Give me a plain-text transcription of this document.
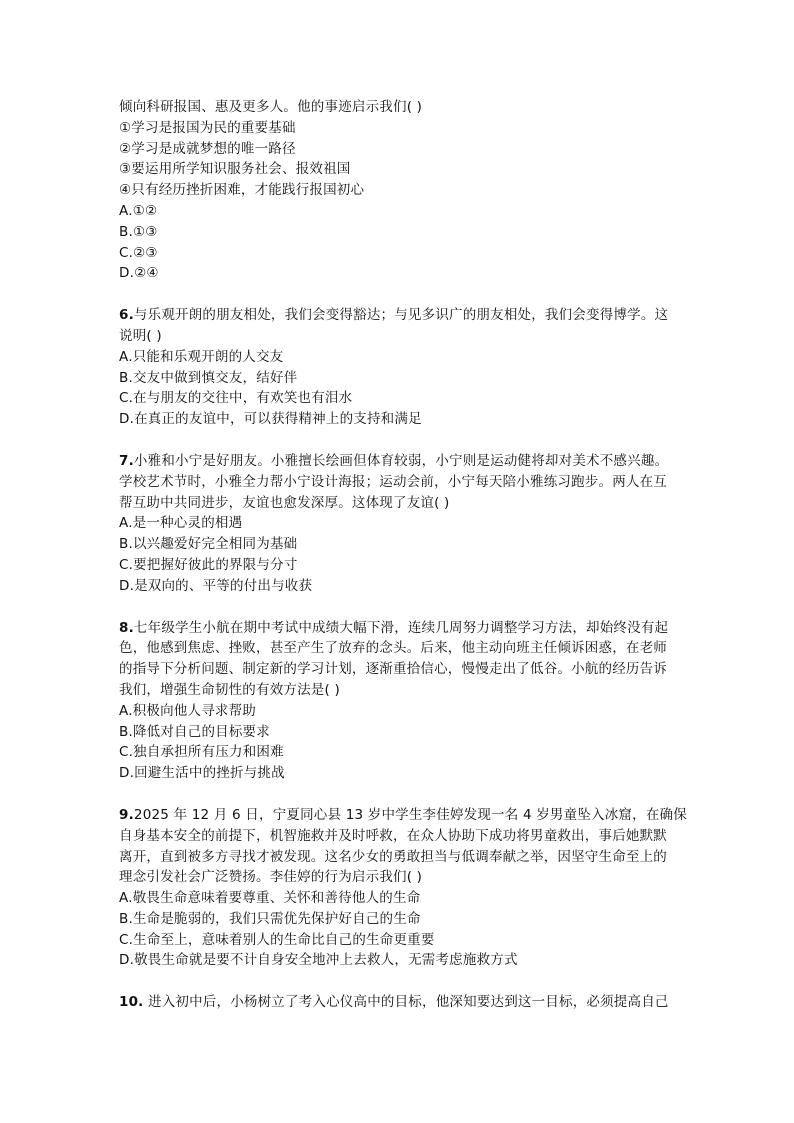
倾向科研报国、惠及更多人。他的事迹启示我们( )
①学习是报国为民的重要基础
②学习是成就梦想的唯一路径
③要运用所学知识服务社会、报效祖国
④只有经历挫折困难，才能践行报国初心
A.①②
B.①③
C.②③
D.②④
6.与乐观开朗的朋友相处，我们会变得豁达；与见多识广的朋友相处，我们会变得博学。这
说明( )
A.只能和乐观开朗的人交友
B.交友中做到慎交友，结好伴
C.在与朋友的交往中，有欢笑也有泪水
D.在真正的友谊中，可以获得精神上的支持和满足
7.小雅和小宁是好朋友。小雅擅长绘画但体育较弱，小宁则是运动健将却对美术不感兴趣。
学校艺术节时，小雅全力帮小宁设计海报；运动会前，小宁每天陪小雅练习跑步。两人在互
帮互助中共同进步，友谊也愈发深厚。这体现了友谊( )
A.是一种心灵的相遇
B.以兴趣爱好完全相同为基础
C.要把握好彼此的界限与分寸
D.是双向的、平等的付出与收获
8.七年级学生小航在期中考试中成绩大幅下滑，连续几周努力调整学习方法，却始终没有起
色，他感到焦虑、挫败，甚至产生了放弃的念头。后来，他主动向班主任倾诉困惑，在老师
的指导下分析问题、制定新的学习计划，逐渐重拾信心，慢慢走出了低谷。小航的经历告诉
我们，增强生命韧性的有效方法是( )
A.积极向他人寻求帮助
B.降低对自己的目标要求
C.独自承担所有压力和困难
D.回避生活中的挫折与挑战
9.2025 年 12 月 6 日，宁夏同心县 13 岁中学生李佳婷发现一名 4 岁男童坠入冰窟，在确保
自身基本安全的前提下，机智施救并及时呼救，在众人协助下成功将男童救出，事后她默默
离开，直到被多方寻找才被发现。这名少女的勇敢担当与低调奉献之举，因坚守生命至上的
理念引发社会广泛赞扬。李佳婷的行为启示我们( )
A.敬畏生命意味着要尊重、关怀和善待他人的生命
B.生命是脆弱的，我们只需优先保护好自己的生命
C.生命至上，意味着别人的生命比自己的生命更重要
D.敬畏生命就是要不计自身安全地冲上去救人，无需考虑施救方式
10. 进入初中后，小杨树立了考入心仪高中的目标，他深知要达到这一目标，必须提高自己
